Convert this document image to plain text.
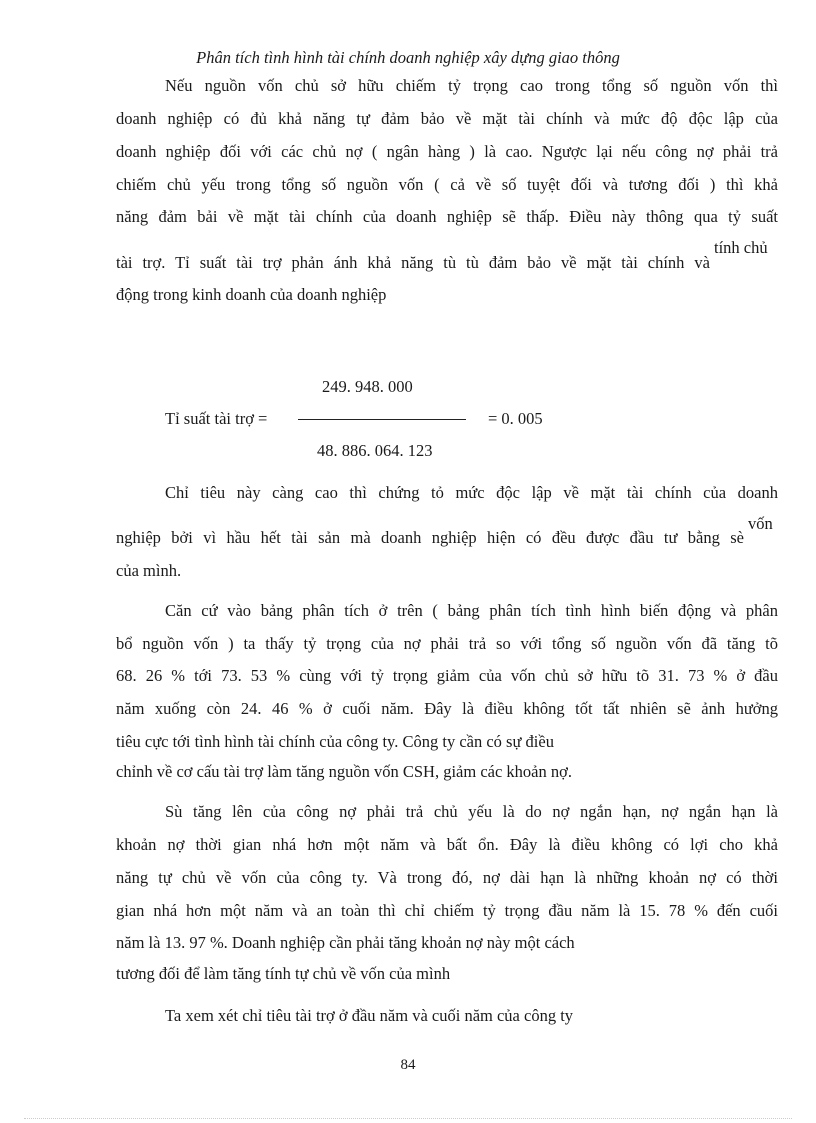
Phân tích tình hình tài chính doanh nghiệp xây dựng giao thông
Nếu nguồn vốn chủ sở hữu chiếm tỷ trọng cao trong tổng số nguồn vốn thì
doanh nghiệp có đủ khả năng tự đảm bảo về mặt tài chính và mức độ độc lập của
doanh nghiệp đối với các chủ nợ ( ngân hàng ) là cao. Ngược lại nếu công nợ phải trả
chiếm chủ yếu trong tổng số nguồn vốn ( cả về số tuyệt đối và tương đối ) thì khả
năng đảm bải về mặt tài chính của doanh nghiệp sẽ thấp. Điều này thông qua tỷ suất
tài trợ. Tỉ suất tài trợ phản ánh khả năng tù tù đảm bảo về mặt tài chính và
tính chủ
động trong kinh doanh của doanh nghiệp
249. 948. 000
Tỉ suất tài trợ =	= 0. 005
48. 886. 064. 123
Chỉ tiêu này càng cao thì chứng tỏ mức độc lập về mặt tài chính của doanh
nghiệp bởi vì hầu hết tài sản mà doanh nghiệp hiện có đều được đầu tư bằng sè
vốn
của mình.
Căn cứ vào bảng phân tích ở trên ( bảng phân tích tình hình biến động và phân
bổ nguồn vốn ) ta thấy tỷ trọng của nợ phải trả so với tổng số nguồn vốn đã tăng tõ
68. 26 % tới 73. 53 % cùng với tỷ trọng giảm của vốn chủ sở hữu tõ 31. 73 % ở đầu
năm xuống còn 24. 46 % ở cuối năm. Đây là điều không tốt tất nhiên sẽ ảnh hưởng
tiêu cực tới tình hình tài chính của công ty. Công ty cần có sự điều
chỉnh về cơ cấu tài trợ làm tăng nguồn vốn CSH, giảm các khoản nợ.
Sù tăng lên của công nợ phải trả chủ yếu là do nợ ngắn hạn, nợ ngắn hạn là
khoản nợ thời gian nhá hơn một năm và bất ổn. Đây là điều không có lợi cho khả
năng tự chủ về vốn của công ty. Và trong đó, nợ dài hạn là những khoản nợ có thời
gian nhá hơn một năm và an toàn thì chỉ chiếm tỷ trọng đầu năm là 15. 78 % đến cuối
năm là 13. 97 %. Doanh nghiệp cần phải tăng khoản nợ này một cách
tương đối để làm tăng tính tự chủ về vốn của mình
Ta xem xét chỉ tiêu tài trợ ở đầu năm và cuối năm của công ty
84
